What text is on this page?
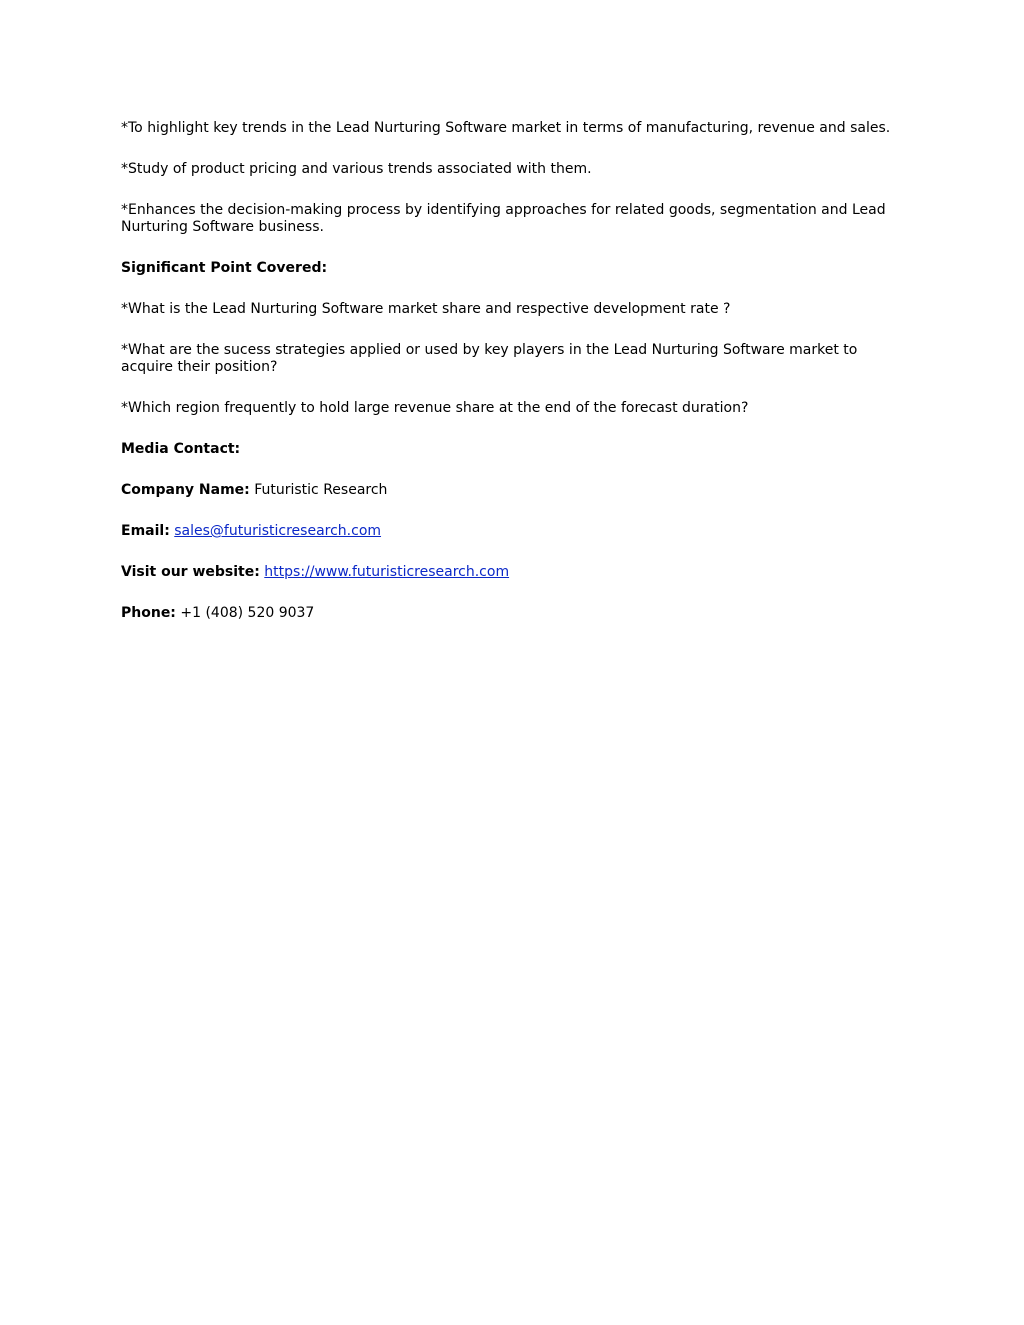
*To highlight key trends in the Lead Nurturing Software market in terms of manufacturing, revenue and sales.

*Study of product pricing and various trends associated with them.

*Enhances the decision-making process by identifying approaches for related goods, segmentation and Lead Nurturing Software business.

Significant Point Covered:

*What is the Lead Nurturing Software market share and respective development rate ?

*What are the sucess strategies applied or used by key players in the Lead Nurturing Software market to acquire their position?

*Which region frequently to hold large revenue share at the end of the forecast duration?

Media Contact:

Company Name: Futuristic Research

Email: sales@futuristicresearch.com

Visit our website: https://www.futuristicresearch.com

Phone: +1 (408) 520 9037
